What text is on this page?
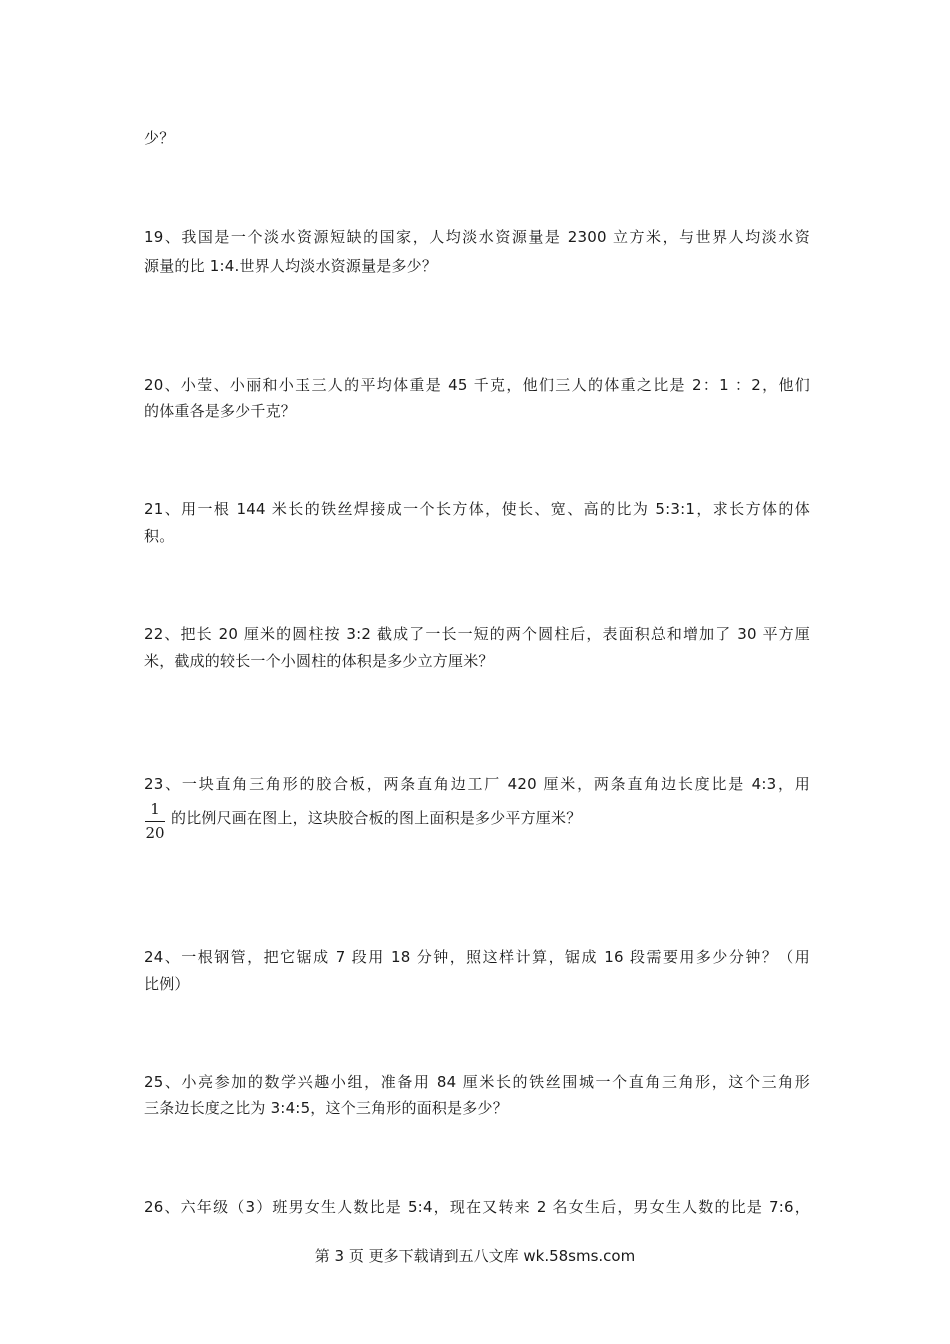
少？
19、我国是一个淡水资源短缺的国家，人均淡水资源量是 2300 立方米，与世界人均淡水资
源量的比 1:4.世界人均淡水资源量是多少？
20、小莹、小丽和小玉三人的平均体重是 45 千克，他们三人的体重之比是 2：1 ：2，他们
的体重各是多少千克？
21、用一根 144 米长的铁丝焊接成一个长方体，使长、宽、高的比为 5:3:1，求长方体的体
积。
22、把长 20 厘米的圆柱按 3:2 截成了一长一短的两个圆柱后，表面积总和增加了 30 平方厘
米，截成的较长一个小圆柱的体积是多少立方厘米？
23、一块直角三角形的胶合板，两条直角边工厂 420 厘米，两条直角边长度比是 4:3，用
1
20
的比例尺画在图上，这块胶合板的图上面积是多少平方厘米？
24、一根钢管，把它锯成 7 段用 18 分钟，照这样计算，锯成 16 段需要用多少分钟？（用
比例）
25、小亮参加的数学兴趣小组，准备用 84 厘米长的铁丝围城一个直角三角形，这个三角形
三条边长度之比为 3:4:5，这个三角形的面积是多少？
26、六年级（3）班男女生人数比是 5:4，现在又转来 2 名女生后，男女生人数的比是 7:6，
第 3 页 更多下载请到五八文库 wk.58sms.com
